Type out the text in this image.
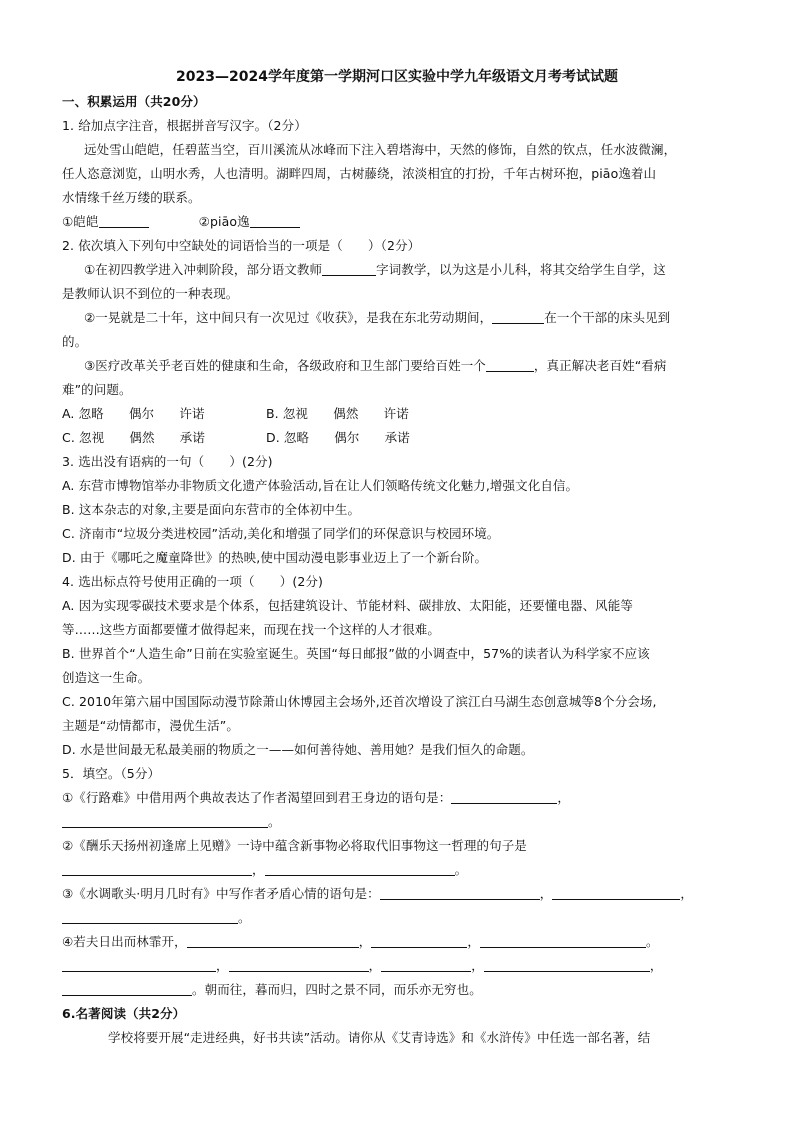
2023—2024学年度第一学期河口区实验中学九年级语文月考考试试题
一、积累运用（共20分）
1. 给加点字注音，根据拼音写汉字。（2分）
远处雪山皑皑，任碧蓝当空，百川溪流从冰峰而下注入碧塔海中，天然的修饰，自然的钦点，任水波微澜，
任人恣意浏览，山明水秀，人也清明。湖畔四周，古树藤绕，浓淡相宜的打扮，千年古树环抱，piāo逸着山
水情缘千丝万缕的联系。
①皑皑	②piāo逸
2. 依次填入下列句中空缺处的词语恰当的一项是（　　）（2分）
①在初四教学进入冲刺阶段，部分语文教师	字词教学，以为这是小儿科，将其交给学生自学，这
是教师认识不到位的一种表现。
②一晃就是二十年，这中间只有一次见过《收获》，是我在东北劳动期间，	在一个干部的床头见到
的。
③医疗改革关乎老百姓的健康和生命，各级政府和卫生部门要给百姓一个	，真正解决老百姓“看病
难”的问题。
A. 忽略　　偶尔　　许诺	B. 忽视　　偶然　　许诺
C. 忽视　　偶然　　承诺	D. 忽略　　偶尔　　承诺
3. 选出没有语病的一句（　　）(2分)
A. 东营市博物馆举办非物质文化遗产体验活动,旨在让人们领略传统文化魅力,增强文化自信。
B. 这本杂志的对象,主要是面向东营市的全体初中生。
C. 济南市“垃圾分类进校园”活动,美化和增强了同学们的环保意识与校园环境。
D. 由于《哪吒之魔童降世》的热映,使中国动漫电影事业迈上了一个新台阶。
4. 选出标点符号使用正确的一项（　　）(2分)
A. 因为实现零碳技术要求是个体系，包括建筑设计、节能材料、碳排放、太阳能，还要懂电器、风能等
等……这些方面都要懂才做得起来，而现在找一个这样的人才很难。
B. 世界首个“人造生命”日前在实验室诞生。英国“每日邮报”做的小调查中，57%的读者认为科学家不应该
创造这一生命。
C. 2010年第六届中国国际动漫节除萧山休博园主会场外,还首次增设了滨江白马湖生态创意城等8个分会场,
主题是“动情都市，漫优生活”。
D. 水是世间最无私最美丽的物质之一——如何善待她、善用她？是我们恒久的命题。
5．填空。（5分）
①《行路难》中借用两个典故表达了作者渴望回到君王身边的语句是：	，
。
②《酬乐天扬州初逢席上见赠》一诗中蕴含新事物必将取代旧事物这一哲理的句子是
，	。
③《水调歌头·明月几时有》中写作者矛盾心情的语句是：	，	，
。
④若夫日出而林霏开，	，	，	。
，	，	，	，
。朝而往，暮而归，四时之景不同，而乐亦无穷也。
6.名著阅读（共2分）
学校将要开展“走进经典，好书共读”活动。请你从《艾青诗选》和《水浒传》中任选一部名著，结
